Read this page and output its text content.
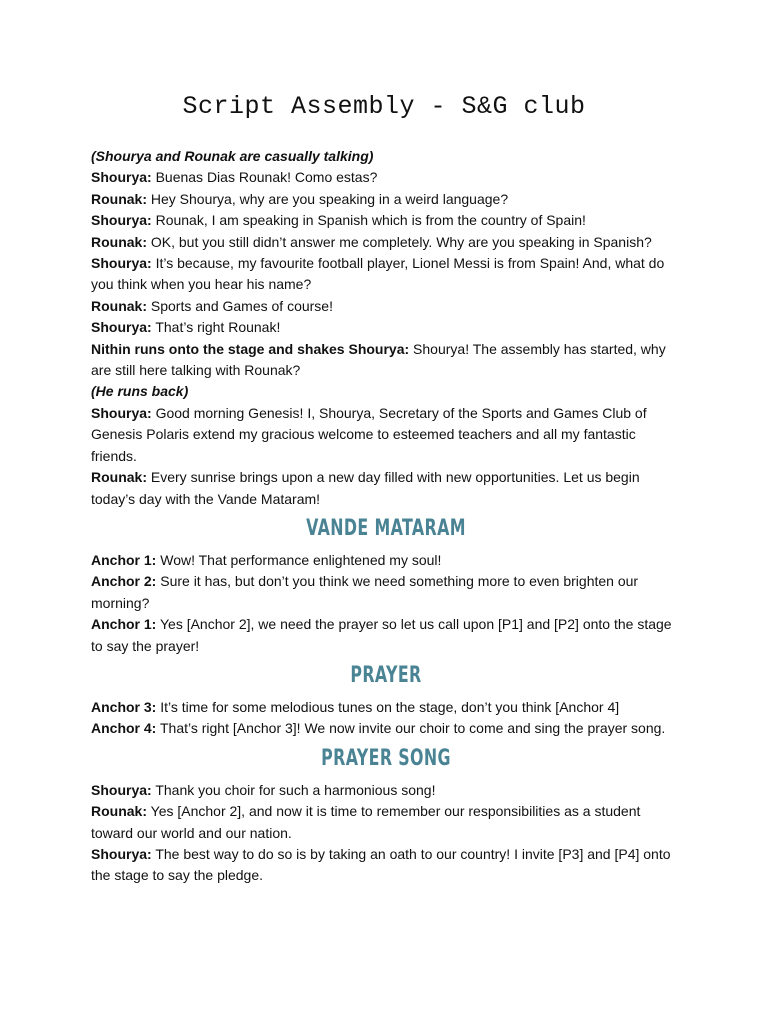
Script Assembly - S&G club

(Shourya and Rounak are casually talking)

Shourya: Buenas Dias Rounak! Como estas?

Rounak: Hey Shourya, why are you speaking in a weird language?

Shourya: Rounak, I am speaking in Spanish which is from the country of Spain!

Rounak: OK, but you still didn’t answer me completely. Why are you speaking in Spanish?

Shourya: It’s because, my favourite football player, Lionel Messi is from Spain! And, what do you think when you hear his name?

Rounak: Sports and Games of course!

Shourya: That’s right Rounak!

Nithin runs onto the stage and shakes Shourya: Shourya! The assembly has started, why are still here talking with Rounak?

(He runs back)

Shourya: Good morning Genesis! I, Shourya, Secretary of the Sports and Games Club of Genesis Polaris extend my gracious welcome to esteemed teachers and all my fantastic friends.

Rounak: Every sunrise brings upon a new day filled with new opportunities. Let us begin today’s day with the Vande Mataram!

VANDE MATARAM

Anchor 1: Wow! That performance enlightened my soul!

Anchor 2: Sure it has, but don’t you think we need something more to even brighten our morning?

Anchor 1: Yes [Anchor 2], we need the prayer so let us call upon [P1] and [P2] onto the stage to say the prayer!

PRAYER

Anchor 3: It’s time for some melodious tunes on the stage, don’t you think [Anchor 4]

Anchor 4: That’s right [Anchor 3]! We now invite our choir to come and sing the prayer song.

PRAYER SONG

Shourya: Thank you choir for such a harmonious song!

Rounak: Yes [Anchor 2], and now it is time to remember our responsibilities as a student toward our world and our nation.

Shourya: The best way to do so is by taking an oath to our country! I invite [P3] and [P4] onto the stage to say the pledge.
